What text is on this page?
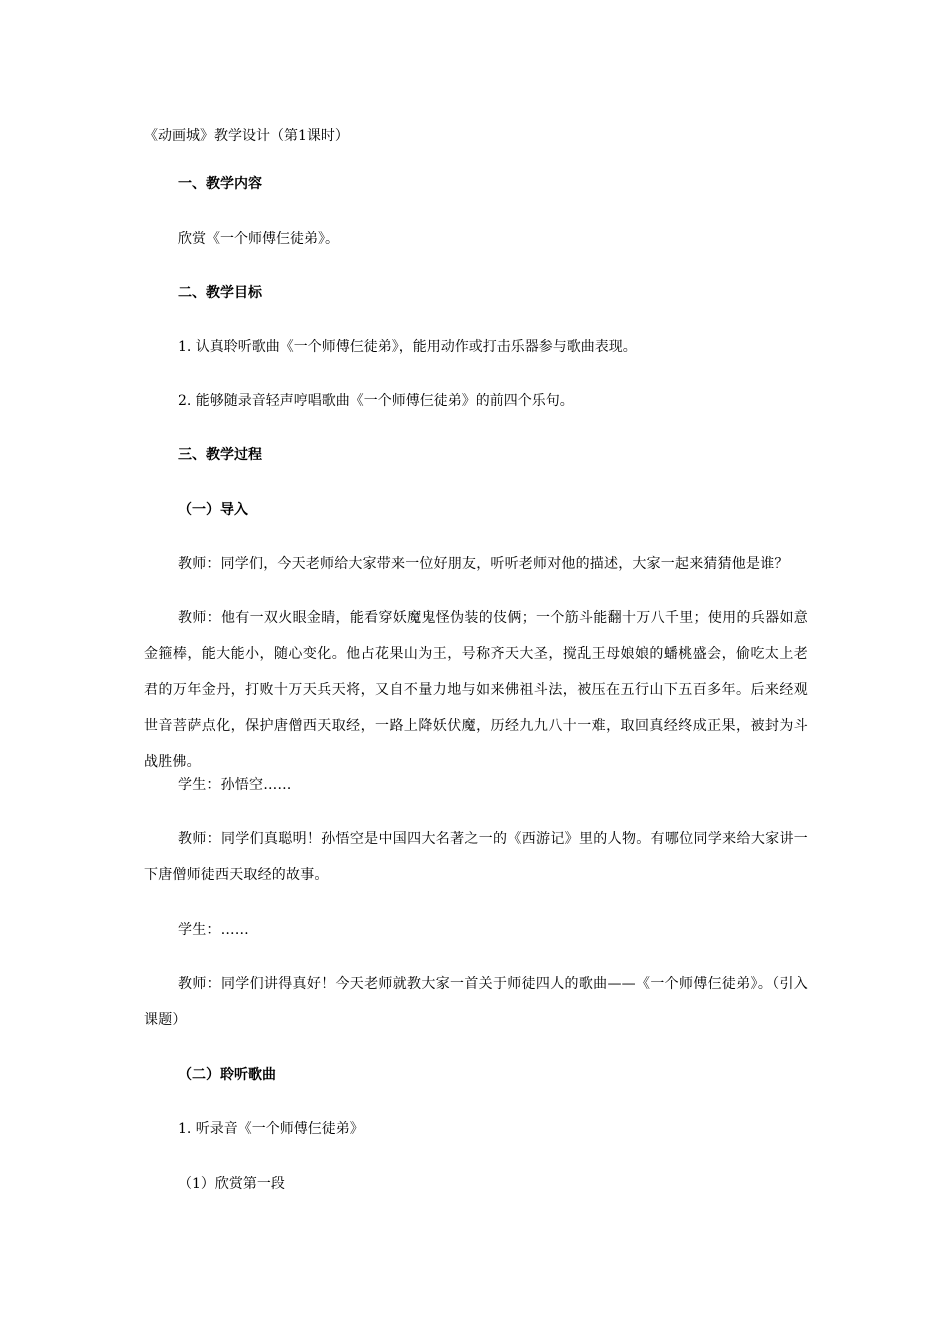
《动画城》教学设计（第1课时）
一、教学内容
欣赏《一个师傅仨徒弟》。
二、教学目标
1. 认真聆听歌曲《一个师傅仨徒弟》，能用动作或打击乐器参与歌曲表现。
2. 能够随录音轻声哼唱歌曲《一个师傅仨徒弟》的前四个乐句。
三、教学过程
（一）导入
教师：同学们，今天老师给大家带来一位好朋友，听听老师对他的描述，大家一起来猜猜他是谁？
教师：他有一双火眼金睛，能看穿妖魔鬼怪伪装的伎俩；一个筋斗能翻十万八千里；使用的兵器如意金箍棒，能大能小，随心变化。他占花果山为王，号称齐天大圣，搅乱王母娘娘的蟠桃盛会，偷吃太上老君的万年金丹，打败十万天兵天将，又自不量力地与如来佛祖斗法，被压在五行山下五百多年。后来经观世音菩萨点化，保护唐僧西天取经，一路上降妖伏魔，历经九九八十一难，取回真经终成正果，被封为斗战胜佛。
学生：孙悟空……
教师：同学们真聪明！孙悟空是中国四大名著之一的《西游记》里的人物。有哪位同学来给大家讲一下唐僧师徒西天取经的故事。
学生：……
教师：同学们讲得真好！今天老师就教大家一首关于师徒四人的歌曲——《一个师傅仨徒弟》。（引入课题）
（二）聆听歌曲
1. 听录音《一个师傅仨徒弟》
（1）欣赏第一段
